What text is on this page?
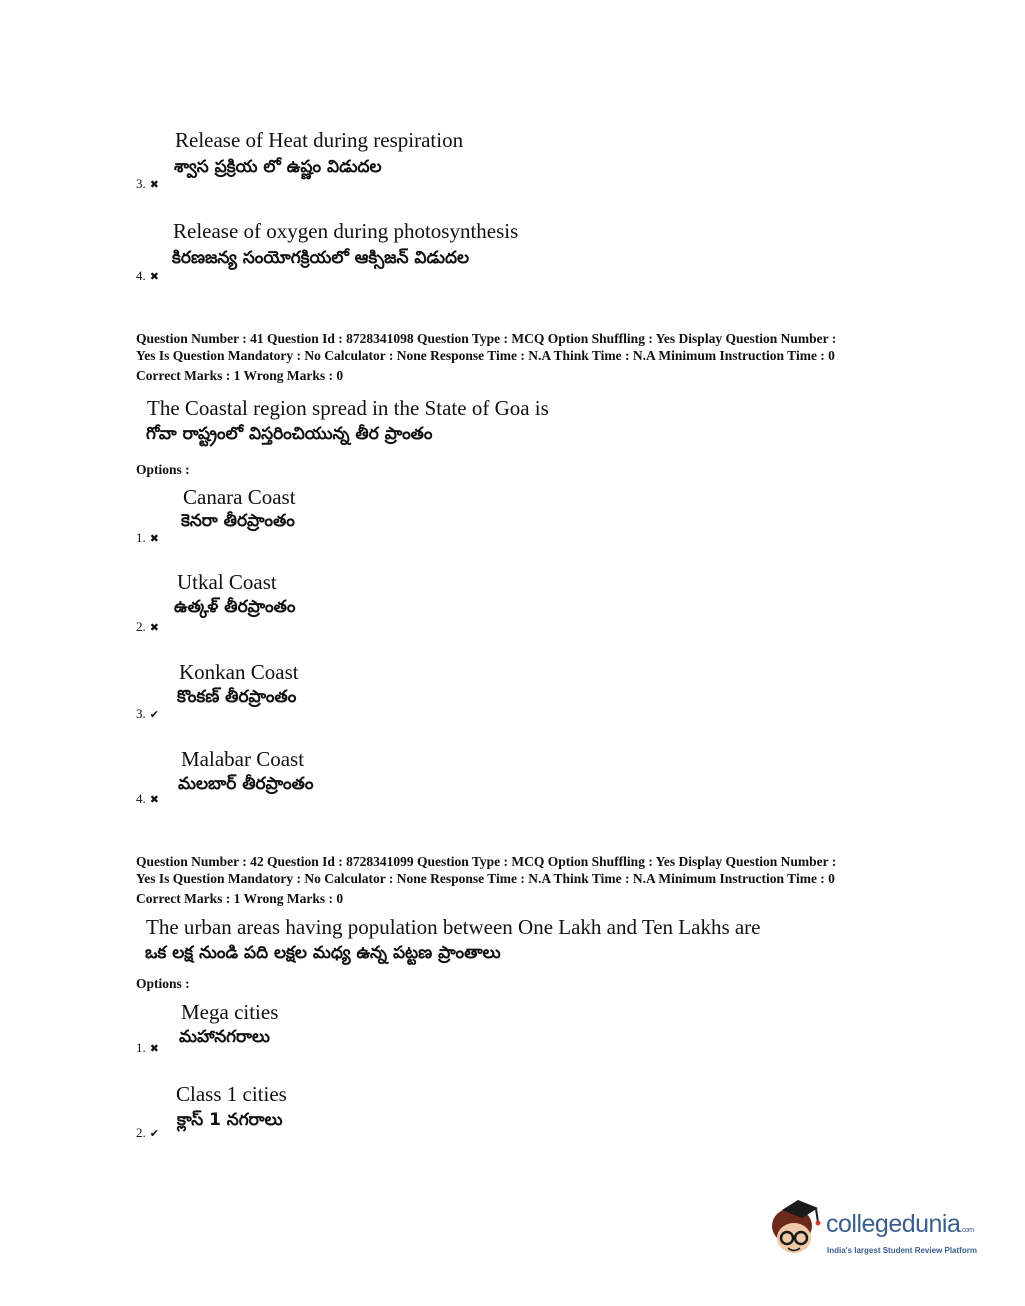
Release of Heat during respiration
శ్వాస ప్రక్రియ లో ఉష్ణం విడుదల
3. ✖
Release of oxygen during photosynthesis
కిరణజన్య సంయోగక్రియలో ఆక్సిజన్ విడుదల
4. ✖
Question Number : 41 Question Id : 8728341098 Question Type : MCQ Option Shuffling : Yes Display Question Number :
Yes Is Question Mandatory : No Calculator : None Response Time : N.A Think Time : N.A Minimum Instruction Time : 0
Correct Marks : 1 Wrong Marks : 0
The Coastal region spread in the State of Goa is
గోవా రాష్ట్రంలో విస్తరించియున్న తీర ప్రాంతం
Options :
Canara Coast
కెనరా తీరప్రాంతం
1. ✖
Utkal Coast
ఉత్కళ్ తీరప్రాంతం
2. ✖
Konkan Coast
కొంకణ్ తీరప్రాంతం
3. ✔
Malabar Coast
మలబార్ తీరప్రాంతం
4. ✖
Question Number : 42 Question Id : 8728341099 Question Type : MCQ Option Shuffling : Yes Display Question Number :
Yes Is Question Mandatory : No Calculator : None Response Time : N.A Think Time : N.A Minimum Instruction Time : 0
Correct Marks : 1 Wrong Marks : 0
The urban areas having population between One Lakh and Ten Lakhs are
ఒక లక్ష నుండి పది లక్షల మధ్య ఉన్న పట్టణ ప్రాంతాలు
Options :
Mega cities
మహానగరాలు
1. ✖
Class 1 cities
క్లాస్ 1 నగరాలు
2. ✔
collegedunia.com
India's largest Student Review Platform
